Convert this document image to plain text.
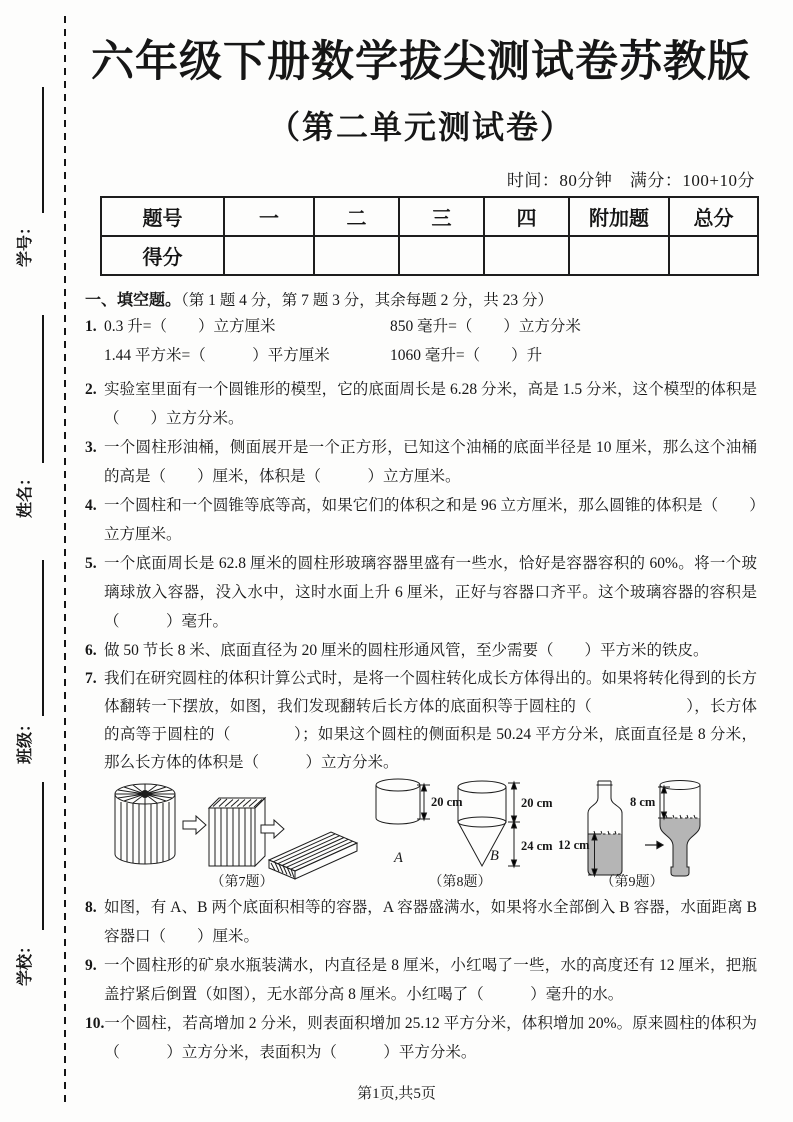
学号：
姓名：
班级：
学校：
六年级下册数学拔尖测试卷苏教版
（第二单元测试卷）
时间：80分钟　满分：100+10分
题号	一	二	三	四	附加题	总分
得分						
一、填空题。（第 1 题 4 分，第 7 题 3 分，其余每题 2 分，共 23 分）
1. 0.3 升=（　　）立方厘米	850 毫升=（　　）立方分米
1.44 平方米=（　　　）平方厘米	1060 毫升=（　　）升
2. 实验室里面有一个圆锥形的模型，它的底面周长是 6.28 分米，高是 1.5 分米，这个模型的体积是（　　）立方分米。
3. 一个圆柱形油桶，侧面展开是一个正方形，已知这个油桶的底面半径是 10 厘米，那么这个油桶的高是（　　）厘米，体积是（　　　）立方厘米。
4. 一个圆柱和一个圆锥等底等高，如果它们的体积之和是 96 立方厘米，那么圆锥的体积是（　　）立方厘米。
5. 一个底面周长是 62.8 厘米的圆柱形玻璃容器里盛有一些水，恰好是容器容积的 60%。将一个玻璃球放入容器，没入水中，这时水面上升 6 厘米，正好与容器口齐平。这个玻璃容器的容积是（　　　）毫升。
6. 做 50 节长 8 米、底面直径为 20 厘米的圆柱形通风管，至少需要（　　）平方米的铁皮。
7. 我们在研究圆柱的体积计算公式时，是将一个圆柱转化成长方体得出的。如果将转化得到的长方体翻转一下摆放，如图，我们发现翻转后长方体的底面积等于圆柱的（　　　　　　），长方体的高等于圆柱的（　　　　）；如果这个圆柱的侧面积是 50.24 平方分米，底面直径是 8 分米，那么长方体的体积是（　　　）立方分米。
（第7题）
20 cm
A
20 cm
24 cm
B
（第8题）
12 cm
8 cm
（第9题）
8. 如图，有 A、B 两个底面积相等的容器，A 容器盛满水，如果将水全部倒入 B 容器，水面距离 B 容器口（　　）厘米。
9. 一个圆柱形的矿泉水瓶装满水，内直径是 8 厘米，小红喝了一些，水的高度还有 12 厘米，把瓶盖拧紧后倒置（如图），无水部分高 8 厘米。小红喝了（　　　）毫升的水。
10. 一个圆柱，若高增加 2 分米，则表面积增加 25.12 平方分米，体积增加 20%。原来圆柱的体积为（　　　）立方分米，表面积为（　　　）平方分米。
第1页,共5页
